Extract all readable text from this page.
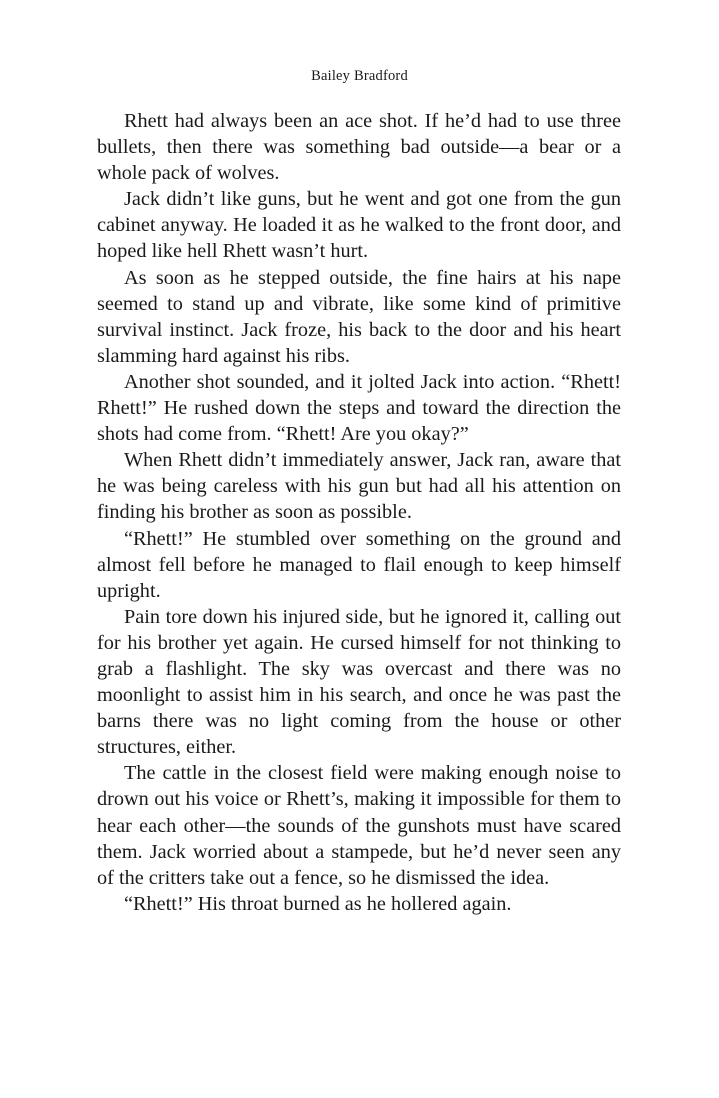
Bailey Bradford

Rhett had always been an ace shot. If he’d had to use three bullets, then there was something bad outside—a bear or a whole pack of wolves.

Jack didn’t like guns, but he went and got one from the gun cabinet anyway. He loaded it as he walked to the front door, and hoped like hell Rhett wasn’t hurt.

As soon as he stepped outside, the fine hairs at his nape seemed to stand up and vibrate, like some kind of primitive survival instinct. Jack froze, his back to the door and his heart slamming hard against his ribs.

Another shot sounded, and it jolted Jack into action. “Rhett! Rhett!” He rushed down the steps and toward the direction the shots had come from. “Rhett! Are you okay?”

When Rhett didn’t immediately answer, Jack ran, aware that he was being careless with his gun but had all his attention on finding his brother as soon as possible.

“Rhett!” He stumbled over something on the ground and almost fell before he managed to flail enough to keep himself upright.

Pain tore down his injured side, but he ignored it, calling out for his brother yet again. He cursed himself for not thinking to grab a flashlight. The sky was overcast and there was no moonlight to assist him in his search, and once he was past the barns there was no light coming from the house or other structures, either.

The cattle in the closest field were making enough noise to drown out his voice or Rhett’s, making it impossible for them to hear each other—the sounds of the gunshots must have scared them. Jack worried about a stampede, but he’d never seen any of the critters take out a fence, so he dismissed the idea.

“Rhett!” His throat burned as he hollered again.
